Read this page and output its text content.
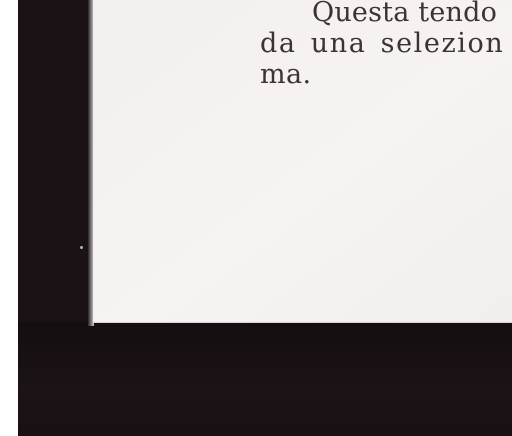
Questa tendo
da una selezion
ma.
